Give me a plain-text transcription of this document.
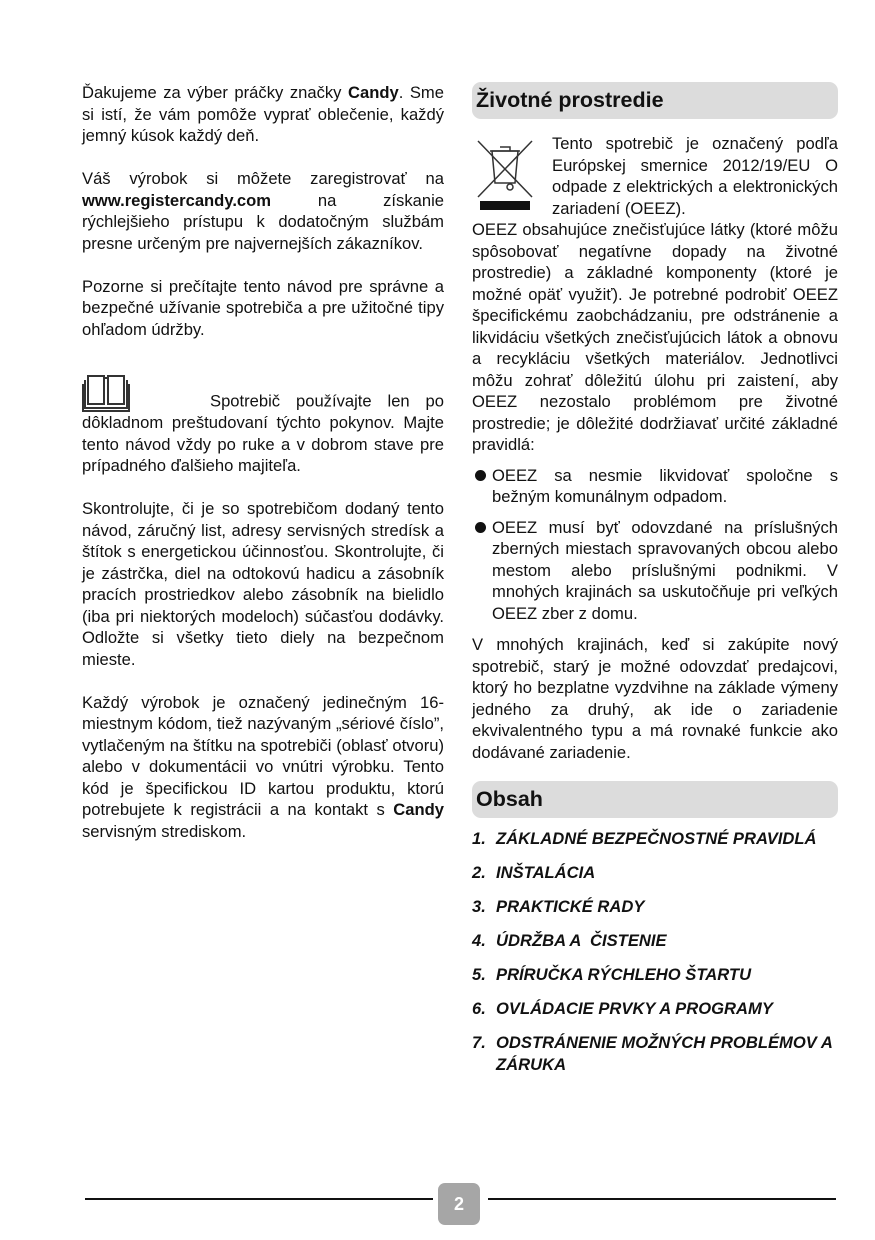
Ďakujeme za výber práčky značky Candy. Sme si istí, že vám pomôže vyprať oblečenie, každý jemný kúsok každý deň.

Váš výrobok si môžete zaregistrovať na www.registercandy.com na získanie rýchlejšieho prístupu k dodatočným službám presne určeným pre najvernejších zákazníkov.

Pozorne si prečítajte tento návod pre správne a bezpečné užívanie spotrebiča a pre užitočné tipy ohľadom údržby.

Spotrebič používajte len po dôkladnom preštudovaní týchto pokynov. Majte tento návod vždy po ruke a v dobrom stave pre prípadného ďalšieho majiteľa.

Skontrolujte, či je so spotrebičom dodaný tento návod, záručný list, adresy servisných stredísk a štítok s energetickou účinnosťou. Skontrolujte, či je zástrčka, diel na odtokovú hadicu a zásobník pracích prostriedkov alebo zásobník na bielidlo (iba pri niektorých modeloch) súčasťou dodávky. Odložte si všetky tieto diely na bezpečnom mieste.

Každý výrobok je označený jedinečným 16-miestnym kódom, tiež nazývaným „sériové číslo”, vytlačeným na štítku na spotrebiči (oblasť otvoru) alebo v dokumentácii vo vnútri výrobku. Tento kód je špecifickou ID kartou produktu, ktorú potrebujete k registrácii a na kontakt s Candy servisným strediskom.

Životné prostredie

Tento spotrebič je označený podľa Európskej smernice 2012/19/EU O odpade z elektrických a elektronických zariadení (OEEZ).

OEEZ obsahujúce znečisťujúce látky (ktoré môžu spôsobovať negatívne dopady na životné prostredie) a základné komponenty (ktoré je možné opäť využiť). Je potrebné podrobiť OEEZ špecifickému zaobchádzaniu, pre odstránenie a likvidáciu všetkých znečisťujúcich látok a obnovu a recykláciu všetkých materiálov. Jednotlivci môžu zohrať dôležitú úlohu pri zaistení, aby OEEZ nezostalo problémom pre životné prostredie; je dôležité dodržiavať určité základné pravidlá:

OEEZ sa nesmie likvidovať spoločne s bežným komunálnym odpadom.

OEEZ musí byť odovzdané na príslušných zberných miestach spravovaných obcou alebo mestom alebo príslušnými podnikmi. V mnohých krajinách sa uskutočňuje pri veľkých OEEZ zber z domu.

V mnohých krajinách, keď si zakúpite nový spotrebič, starý je možné odovzdať predajcovi, ktorý ho bezplatne vyzdvihne na základe výmeny jedného za druhý, ak ide o zariadenie ekvivalentného typu a má rovnaké funkcie ako dodávané zariadenie.

Obsah
1. ZÁKLADNÉ BEZPEČNOSTNÉ PRAVIDLÁ
2. INŠTALÁCIA
3. PRAKTICKÉ RADY
4. ÚDRŽBA A  ČISTENIE
5. PRÍRUČKA RÝCHLEHO ŠTARTU
6. OVLÁDACIE PRVKY A PROGRAMY
7. ODSTRÁNENIE MOŽNÝCH PROBLÉMOV A ZÁRUKA
2
